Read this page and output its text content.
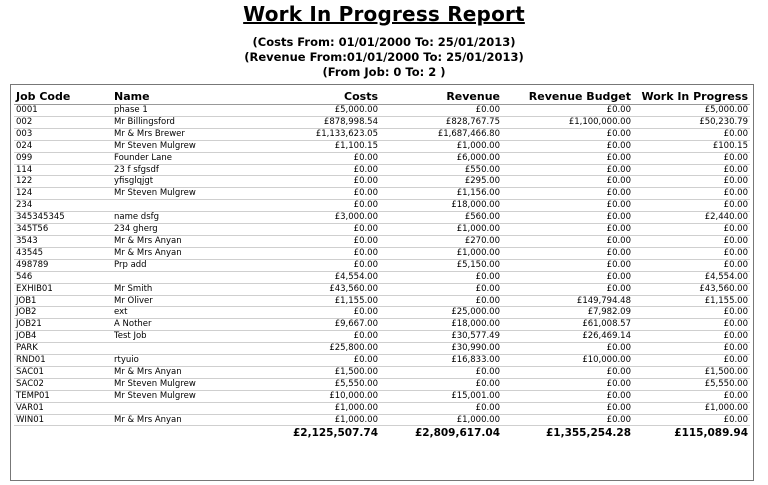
Work In Progress Report
(Costs From: 01/01/2000 To: 25/01/2013)
(Revenue From:01/01/2000 To: 25/01/2013)
(From Job: 0 To: 2 )
Job Code	Name	Costs	Revenue	Revenue Budget	Work In Progress
0001	phase 1	£5,000.00	£0.00	£0.00	£5,000.00
002	Mr Billingsford	£878,998.54	£828,767.75	£1,100,000.00	£50,230.79
003	Mr & Mrs Brewer	£1,133,623.05	£1,687,466.80	£0.00	£0.00
024	Mr Steven Mulgrew	£1,100.15	£1,000.00	£0.00	£100.15
099	Founder Lane	£0.00	£6,000.00	£0.00	£0.00
114	23 f sfgsdf	£0.00	£550.00	£0.00	£0.00
122	yfisglqjgt	£0.00	£295.00	£0.00	£0.00
124	Mr Steven Mulgrew	£0.00	£1,156.00	£0.00	£0.00
234		£0.00	£18,000.00	£0.00	£0.00
345345345	name dsfg	£3,000.00	£560.00	£0.00	£2,440.00
345T56	234 gherg	£0.00	£1,000.00	£0.00	£0.00
3543	Mr & Mrs Anyan	£0.00	£270.00	£0.00	£0.00
43545	Mr & Mrs Anyan	£0.00	£1,000.00	£0.00	£0.00
498789	Prp add	£0.00	£5,150.00	£0.00	£0.00
546		£4,554.00	£0.00	£0.00	£4,554.00
EXHIB01	Mr Smith	£43,560.00	£0.00	£0.00	£43,560.00
JOB1	Mr Oliver	£1,155.00	£0.00	£149,794.48	£1,155.00
JOB2	ext	£0.00	£25,000.00	£7,982.09	£0.00
JOB21	A Nother	£9,667.00	£18,000.00	£61,008.57	£0.00
JOB4	Test Job	£0.00	£30,577.49	£26,469.14	£0.00
PARK		£25,800.00	£30,990.00	£0.00	£0.00
RND01	rtyuio	£0.00	£16,833.00	£10,000.00	£0.00
SAC01	Mr & Mrs Anyan	£1,500.00	£0.00	£0.00	£1,500.00
SAC02	Mr Steven Mulgrew	£5,550.00	£0.00	£0.00	£5,550.00
TEMP01	Mr Steven Mulgrew	£10,000.00	£15,001.00	£0.00	£0.00
VAR01		£1,000.00	£0.00	£0.00	£1,000.00
WIN01	Mr & Mrs Anyan	£1,000.00	£1,000.00	£0.00	£0.00
		£2,125,507.74	£2,809,617.04	£1,355,254.28	£115,089.94
